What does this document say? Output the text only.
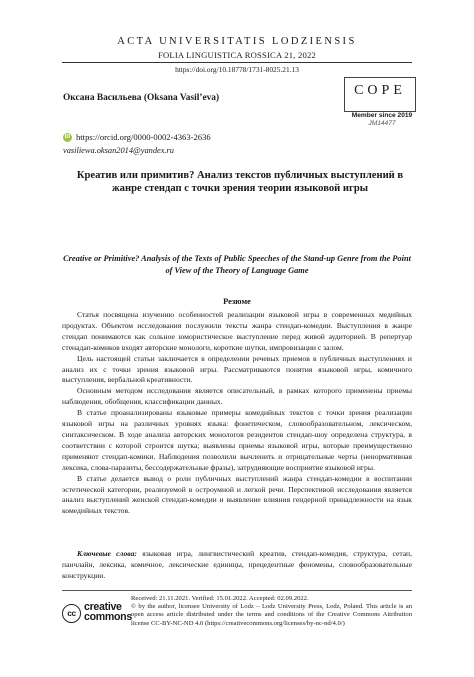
ACTA UNIVERSITATIS LODZIENSIS
FOLIA LINGUISTICA ROSSICA 21, 2022
https://doi.org/10.18778/1731-8025.21.13
COPE
Member since 2019
JM14477
Оксана Васильева (Oksana Vasil’eva)
iD https://orcid.org/0000-0002-4363-2636
vasiliewa.oksan2014@yandex.ru
Креатив или примитив? Анализ текстов публичных выступлений в жанре стендап с точки зрения теории языковой игры
Creative or Primitive? Analysis of the Texts of Public Speeches of the Stand-up Genre from the Point of View of the Theory of Language Game
Резюме

Статья посвящена изучению особенностей реализации языковой игры в современных медийных продуктах. Объектом исследования послужили тексты жанра стендап-комедии. Выступления в жанре стендап понимаются как сольное юмористическое выступление перед живой аудиторией. В репертуар стенадап-комиков входят авторские монологи, короткие шутки, импровизации с залом.

Цель настоящей статьи заключается в определении речевых приемов в публичных выступлениях и анализ их с точки зрения языковой игры. Рассматриваются понятия языковой игры, комичного выступления, вербальной креативности.

Основным методом исследования является описательный, в рамках которого применены приемы наблюдения, обобщения, классификации данных.

В статье проанализированы языковые примеры комедийных текстов с точки зрения реализации языковой игры на различных уровнях языка: фонетическом, словообразовательном, лексическом, синтаксическом. В ходе анализа авторских монологов резидентов стендап-шоу определена структура, в соответствии с которой строится шутка; выявлены приемы языковой игры, которые преимущественно применяют стендап-комики. Наблюдения позволили вычленить и отрицательные черты (ненормативная лексика, слова-паразиты, бессодержательные фразы), затрудняющие восприятие языковой игры.

В статье делается вывод о роли публичных выступлений жанра стендап-комедии в воспитании эстетической категории, реализуемой в остроумной и легкой речи. Перспективой исследования является анализ выступлений женской стендап-комедии и выявление влияния гендерной принадлежности на язык комедийных текстов.

Ключевые слова: языковая игра, лингвистический креатив, стендап-комедия, структура, сетап, панчлайн, лексика, комичное, лексические единицы, прецедентные феномены, словообразовательные конструкции.
cc creative
commons
Received: 21.11.2021. Verified: 15.01.2022. Accepted: 02.09.2022.
© by the author, licensee University of Lodz – Lodz University Press, Lodz, Poland. This article is an open access article distributed under the terms and conditions of the Creative Commons Attribution license CC-BY-NC-ND 4.0 (https://creativecommons.org/licenses/by-nc-nd/4.0/)
